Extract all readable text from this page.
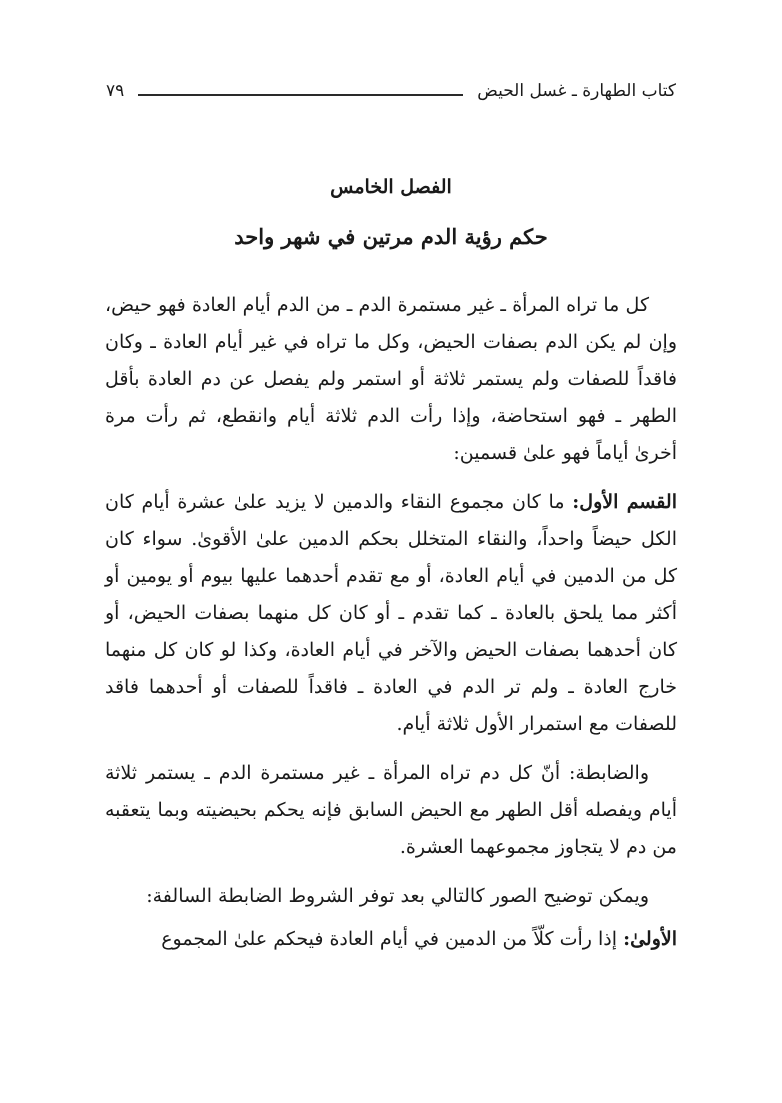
كتاب الطهارة ـ غسل الحيض
٧٩
الفصل الخامس
حكم رؤية الدم مرتين في شهر واحد

كل ما تراه المرأة ـ غير مستمرة الدم ـ من الدم أيام العادة فهو حيض، وإن لم يكن الدم بصفات الحيض، وكل ما تراه في غير أيام العادة ـ وكان فاقداً للصفات ولم يستمر ثلاثة أو استمر ولم يفصل عن دم العادة بأقل الطهر ـ فهو استحاضة، وإذا رأت الدم ثلاثة أيام وانقطع، ثم رأت مرة أخرىٰ أياماً فهو علىٰ قسمين:

القسم الأول: ما كان مجموع النقاء والدمين لا يزيد علىٰ عشرة أيام كان الكل حيضاً واحداً، والنقاء المتخلل بحكم الدمين علىٰ الأقوىٰ. سواء كان كل من الدمين في أيام العادة، أو مع تقدم أحدهما عليها بيوم أو يومين أو أكثر مما يلحق بالعادة ـ كما تقدم ـ أو كان كل منهما بصفات الحيض، أو كان أحدهما بصفات الحيض والآخر في أيام العادة، وكذا لو كان كل منهما خارج العادة ـ ولم تر الدم في العادة ـ فاقداً للصفات أو أحدهما فاقد للصفات مع استمرار الأول ثلاثة أيام.

والضابطة: أنّ كل دم تراه المرأة ـ غير مستمرة الدم ـ يستمر ثلاثة أيام ويفصله أقل الطهر مع الحيض السابق فإنه يحكم بحيضيته وبما يتعقبه من دم لا يتجاوز مجموعهما العشرة.

ويمكن توضيح الصور كالتالي بعد توفر الشروط الضابطة السالفة:

الأولىٰ: إذا رأت كلّاً من الدمين في أيام العادة فيحكم علىٰ المجموع
